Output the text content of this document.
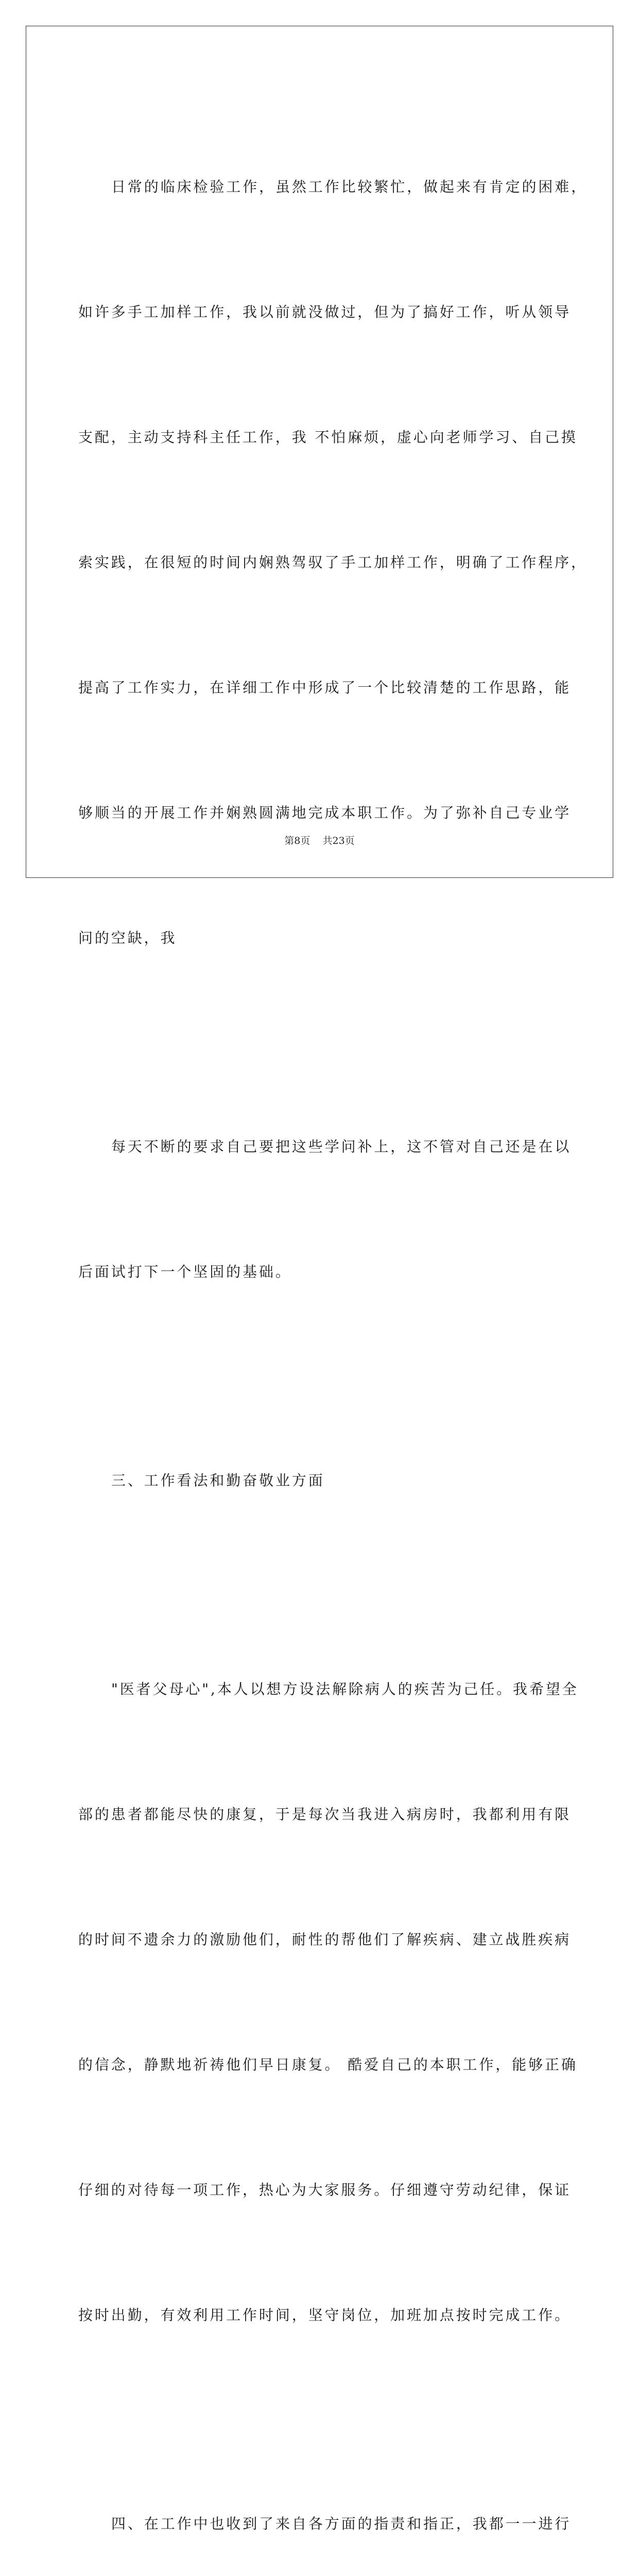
日常的临床检验工作，虽然工作比较繁忙，做起来有肯定的困难，

如许多手工加样工作，我以前就没做过，但为了搞好工作，听从领导

支配，主动支持科主任工作，我 不怕麻烦，虚心向老师学习、自己摸

索实践，在很短的时间内娴熟驾驭了手工加样工作，明确了工作程序，

提高了工作实力，在详细工作中形成了一个比较清楚的工作思路，能

够顺当的开展工作并娴熟圆满地完成本职工作。为了弥补自己专业学

问的空缺，我

每天不断的要求自己要把这些学问补上，这不管对自己还是在以

后面试打下一个坚固的基础。

三、工作看法和勤奋敬业方面

"医者父母心",本人以想方设法解除病人的疾苦为己任。我希望全

部的患者都能尽快的康复，于是每次当我进入病房时，我都利用有限

的时间不遗余力的激励他们，耐性的帮他们了解疾病、建立战胜疾病

的信念，静默地祈祷他们早日康复。 酷爱自己的本职工作，能够正确

仔细的对待每一项工作，热心为大家服务。仔细遵守劳动纪律，保证

按时出勤，有效利用工作时间，坚守岗位，加班加点按时完成工作。

四、在工作中也收到了来自各方面的指责和指正，我都一一进行

第8页 共23页
